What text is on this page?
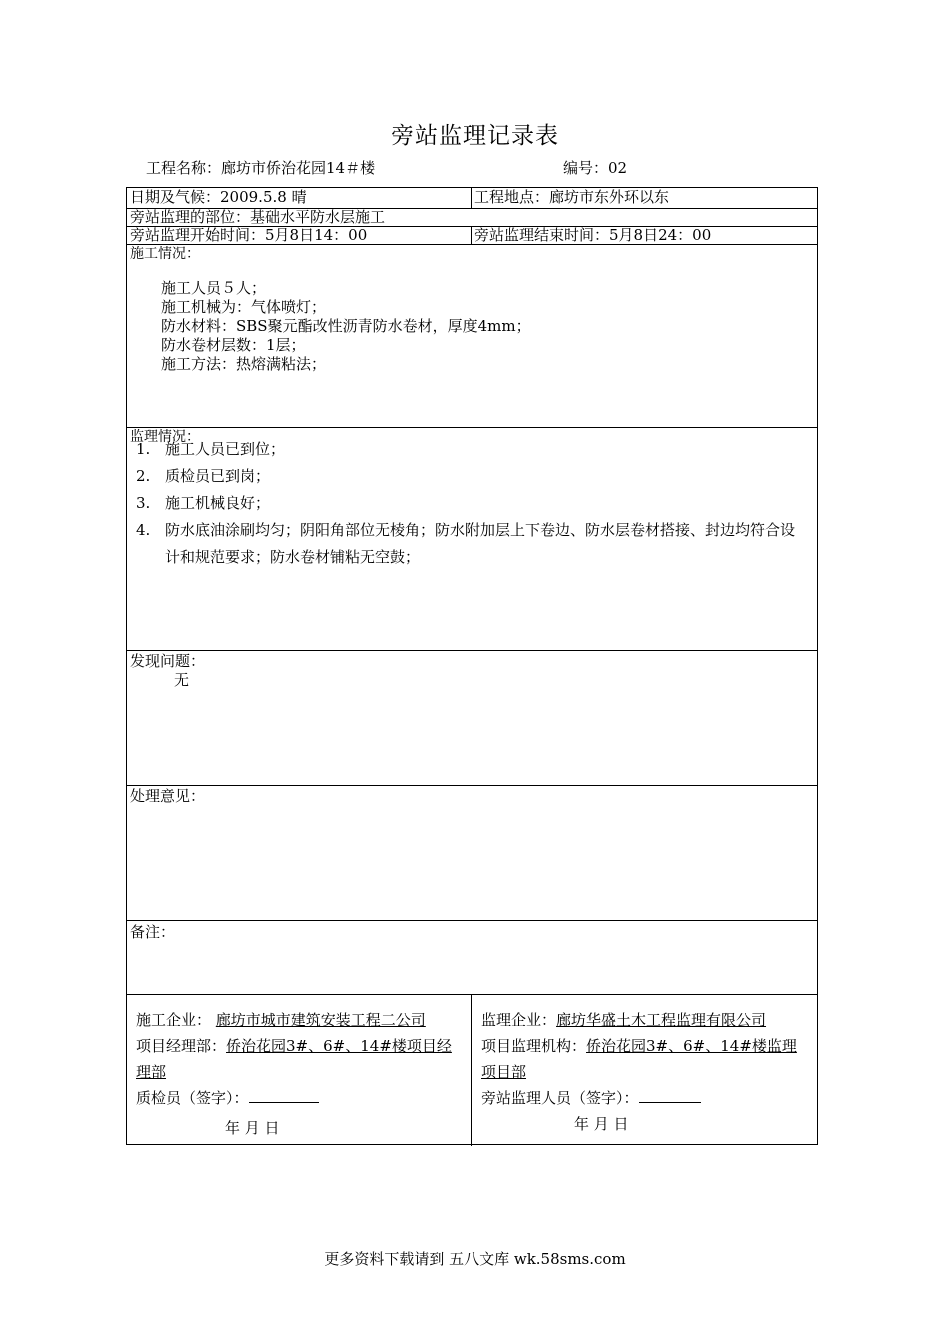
旁站监理记录表
工程名称：廊坊市侨治花园14＃楼	编号：02
日期及气候：2009.5.8 晴	工程地点：廊坊市东外环以东
旁站监理的部位：基础水平防水层施工
旁站监理开始时间：5月8日14：00	旁站监理结束时间：5月8日24：00
施工情况：
施工人员５人；
施工机械为：气体喷灯；
防水材料：SBS聚元酯改性沥青防水卷材，厚度4mm；
防水卷材层数：1层；
施工方法：热熔满粘法；
监理情况：
1. 施工人员已到位；
2. 质检员已到岗；
3. 施工机械良好；
4. 防水底油涂刷均匀；阴阳角部位无棱角；防水附加层上下卷边、防水层卷材搭接、封边均符合设计和规范要求；防水卷材铺粘无空鼓；
发现问题：
无
处理意见：
备注：
施工企业： 廊坊市城市建筑安装工程二公司
项目经理部：侨治花园3#、6#、14#楼项目经理部
质检员（签字）：
年 月 日
监理企业：廊坊华盛土木工程监理有限公司
项目监理机构：侨治花园3#、6#、14#楼监理项目部
旁站监理人员（签字）：
年 月 日
更多资料下载请到 五八文库 wk.58sms.com
